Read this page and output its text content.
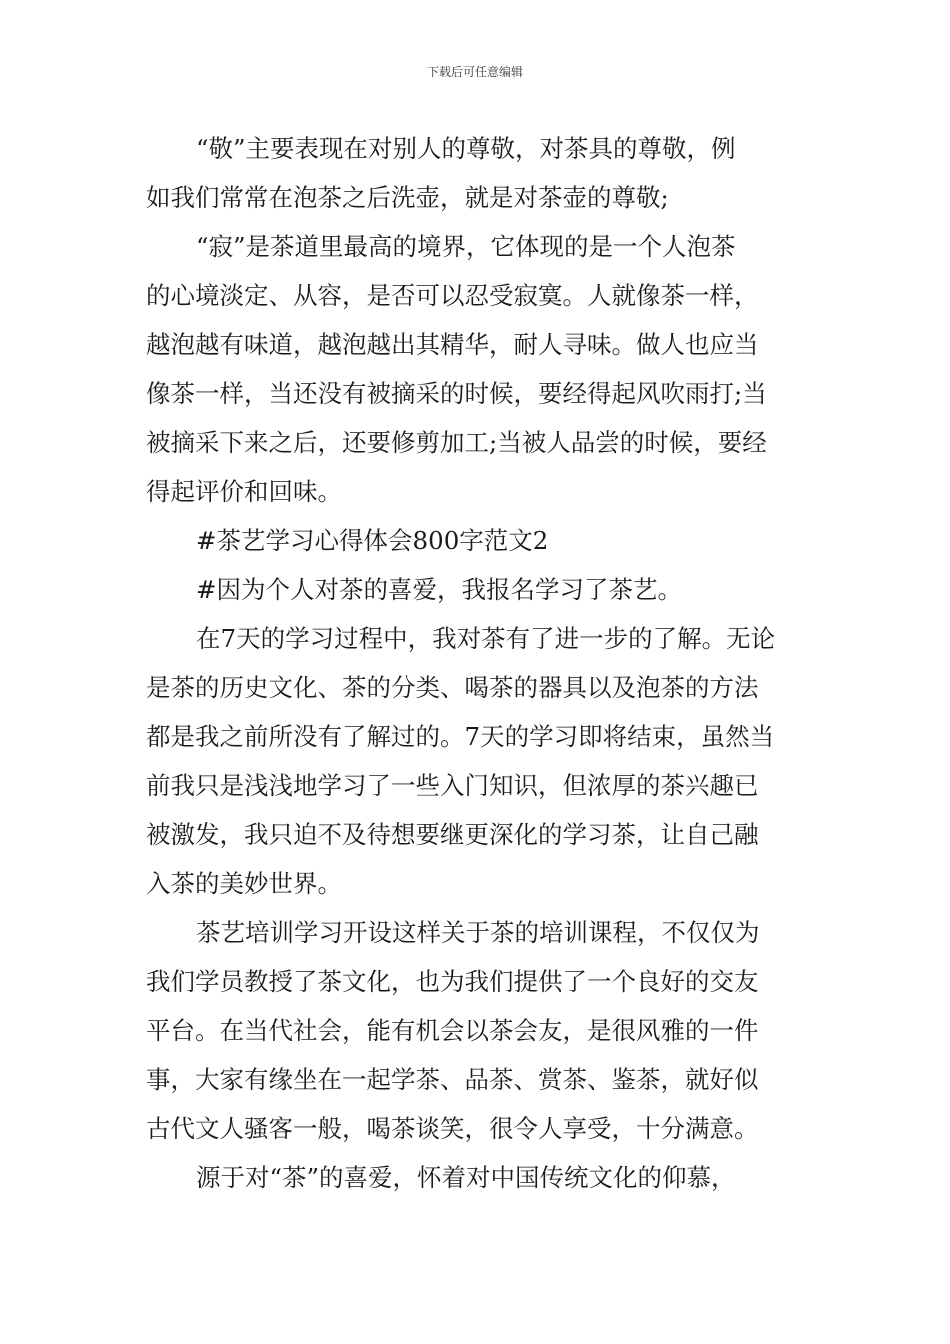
下载后可任意编辑
“敬”主要表现在对别人的尊敬，对茶具的尊敬，例
如我们常常在泡茶之后洗壶，就是对茶壶的尊敬;
“寂”是茶道里最高的境界，它体现的是一个人泡茶
的心境淡定、从容，是否可以忍受寂寞。人就像茶一样，
越泡越有味道，越泡越出其精华，耐人寻味。做人也应当
像茶一样，当还没有被摘采的时候，要经得起风吹雨打;当
被摘采下来之后，还要修剪加工;当被人品尝的时候，要经
得起评价和回味。
#茶艺学习心得体会800字范文2
#因为个人对茶的喜爱，我报名学习了茶艺。
在7天的学习过程中，我对茶有了进一步的了解。无论
是茶的历史文化、茶的分类、喝茶的器具以及泡茶的方法
都是我之前所没有了解过的。7天的学习即将结束，虽然当
前我只是浅浅地学习了一些入门知识，但浓厚的茶兴趣已
被激发，我只迫不及待想要继更深化的学习茶，让自己融
入茶的美妙世界。
茶艺培训学习开设这样关于茶的培训课程，不仅仅为
我们学员教授了茶文化，也为我们提供了一个良好的交友
平台。在当代社会，能有机会以茶会友，是很风雅的一件
事，大家有缘坐在一起学茶、品茶、赏茶、鉴茶，就好似
古代文人骚客一般，喝茶谈笑，很令人享受，十分满意。
源于对“茶”的喜爱，怀着对中国传统文化的仰慕，
